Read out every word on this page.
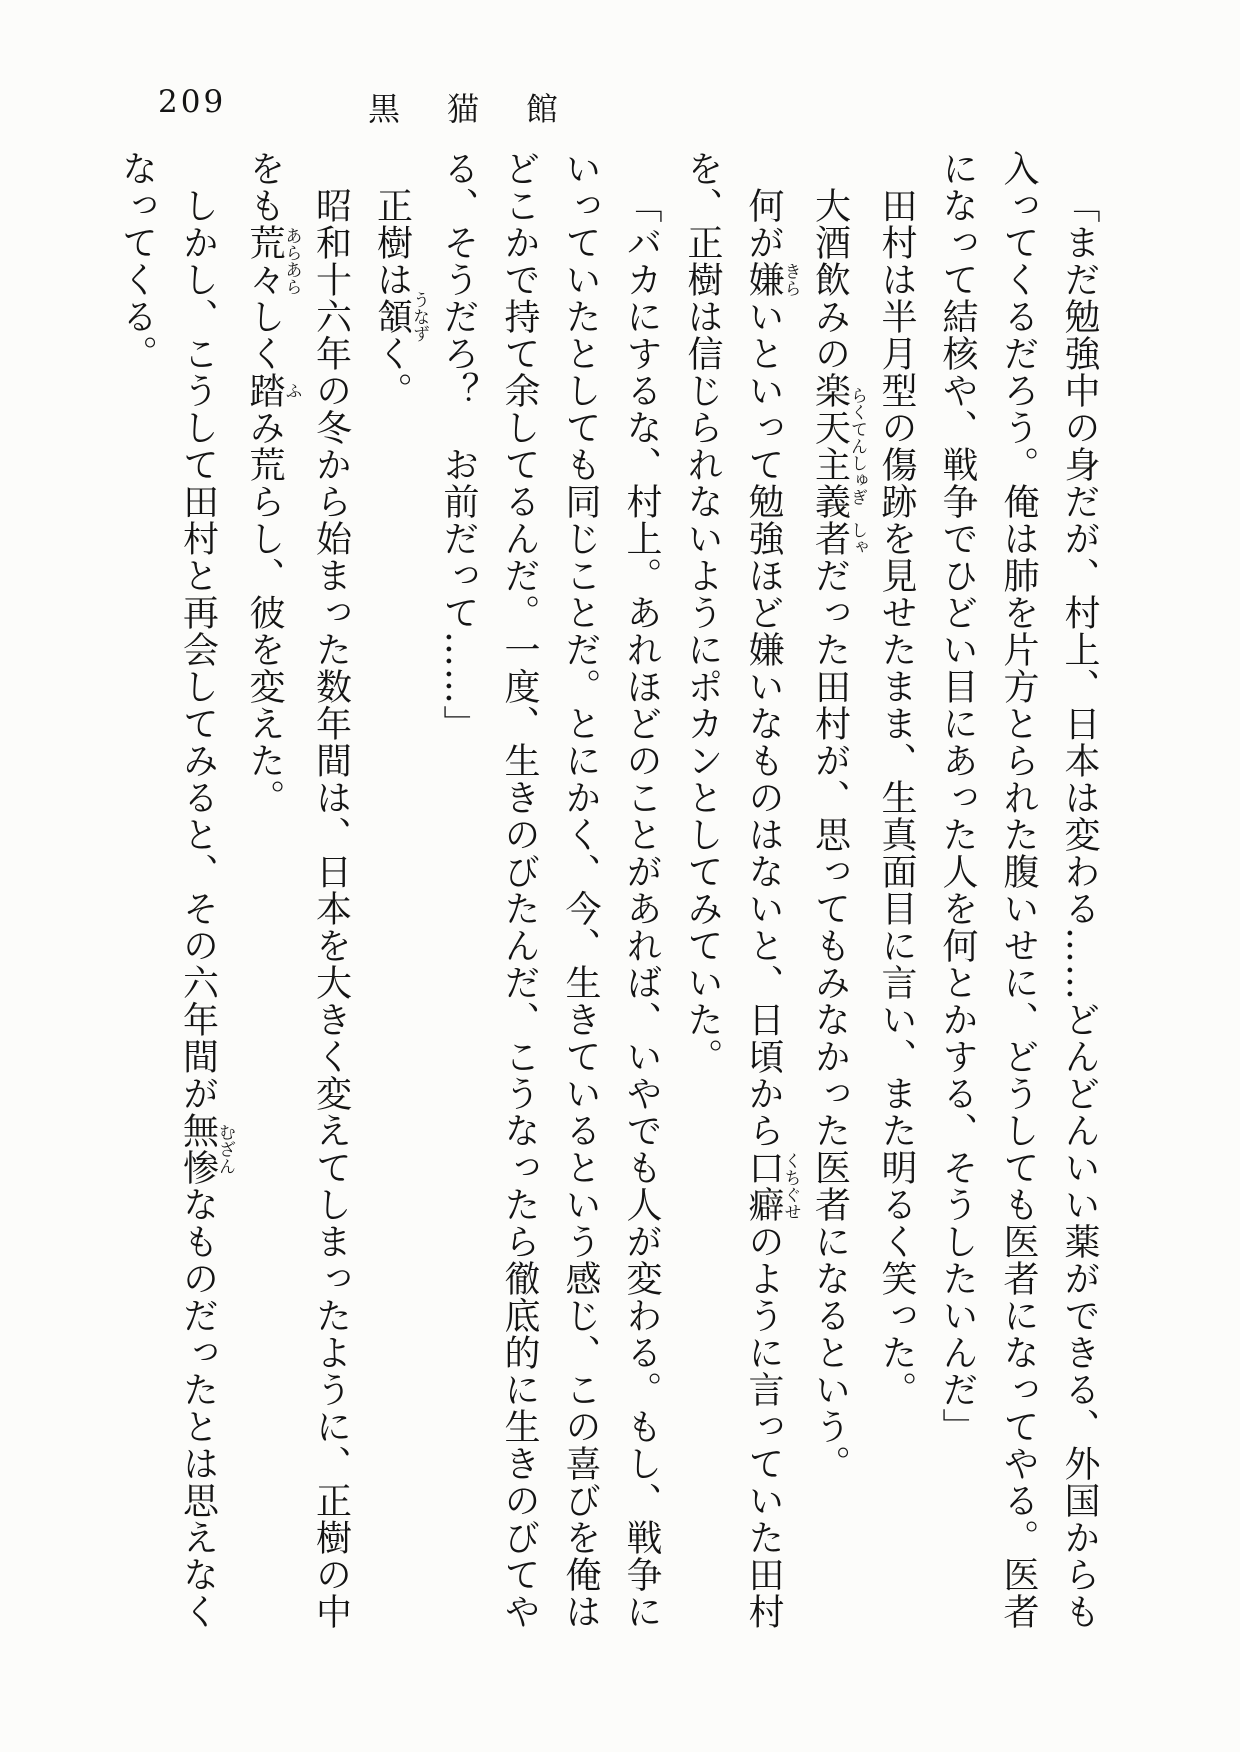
209	黒猫館
「まだ勉強中の身だが、村上、日本は変わる……どんどんいい薬ができる、外国からも
入ってくるだろう。俺は肺を片方とられた腹いせに、どうしても医者になってやる。医者
になって結核や、戦争でひどい目にあった人を何とかする、そうしたいんだ」
田村は半月型の傷跡を見せたまま、生真面目に言い、また明るく笑った。
大酒飲みの楽天主義らくてんしゅぎ者しゃだった田村が、思ってもみなかった医者になるという。
何が嫌きらいといって勉強ほど嫌いなものはないと、日頃から口癖くちぐせのように言っていた田村
を、正樹は信じられないようにポカンとしてみていた。
「バカにするな、村上。あれほどのことがあれば、いやでも人が変わる。もし、戦争に
いっていたとしても同じことだ。とにかく、今、生きているという感じ、この喜びを俺は
どこかで持て余してるんだ。一度、生きのびたんだ、こうなったら徹底的に生きのびてや
る、そうだろ？　お前だって……」
正樹は頷うなずく。
昭和十六年の冬から始まった数年間は、日本を大きく変えてしまったように、正樹の中
をも荒々あらあらしく踏ふみ荒らし、彼を変えた。
しかし、こうして田村と再会してみると、その六年間が無惨むざんなものだったとは思えなく
なってくる。
